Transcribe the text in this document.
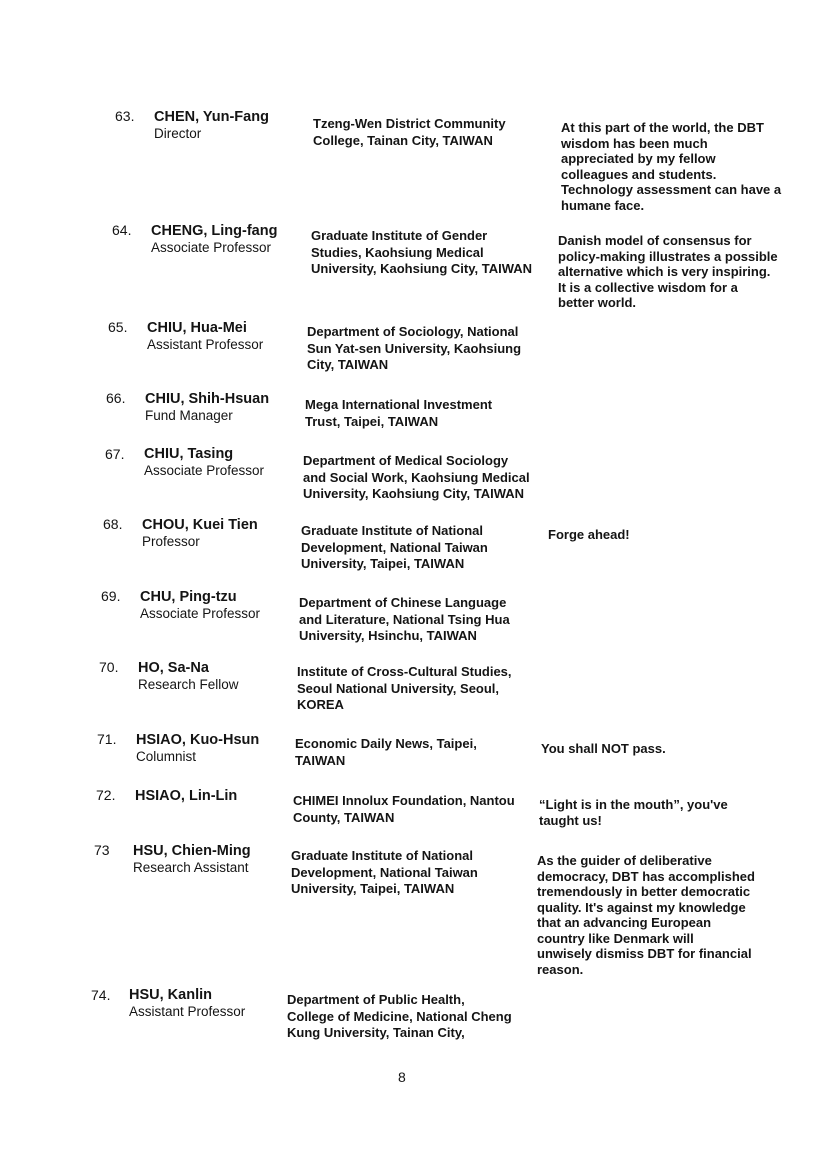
63. CHEN, Yun-Fang
Director
Tzeng-Wen District Community
College, Tainan City, TAIWAN
At this part of the world, the DBT
wisdom has been much
appreciated by my fellow
colleagues and students.
Technology assessment can have a
humane face.
64. CHENG, Ling-fang
Associate Professor
Graduate Institute of Gender
Studies, Kaohsiung Medical
University, Kaohsiung City, TAIWAN
Danish model of consensus for
policy-making illustrates a possible
alternative which is very inspiring.
It is a collective wisdom for a
better world.
65. CHIU, Hua-Mei
Assistant Professor
Department of Sociology, National
Sun Yat-sen University, Kaohsiung
City, TAIWAN
66. CHIU, Shih-Hsuan
Fund Manager
Mega International Investment
Trust, Taipei, TAIWAN
67. CHIU, Tasing
Associate Professor
Department of Medical Sociology
and Social Work, Kaohsiung Medical
University, Kaohsiung City, TAIWAN
68. CHOU, Kuei Tien
Professor
Graduate Institute of National
Development, National Taiwan
University, Taipei, TAIWAN
Forge ahead!
69. CHU, Ping-tzu
Associate Professor
Department of Chinese Language
and Literature, National Tsing Hua
University, Hsinchu, TAIWAN
70. HO, Sa-Na
Research Fellow
Institute of Cross-Cultural Studies,
Seoul National University, Seoul,
KOREA
71. HSIAO, Kuo-Hsun
Columnist
Economic Daily News, Taipei,
TAIWAN
You shall NOT pass.
72. HSIAO, Lin-Lin	CHIMEI Innolux Foundation, Nantou
County, TAIWAN
“Light is in the mouth”, you've
taught us!
73 HSU, Chien-Ming
Research Assistant
Graduate Institute of National
Development, National Taiwan
University, Taipei, TAIWAN
As the guider of deliberative
democracy, DBT has accomplished
tremendously in better democratic
quality. It's against my knowledge
that an advancing European
country like Denmark will
unwisely dismiss DBT for financial
reason.
74. HSU, Kanlin
Assistant Professor
Department of Public Health,
College of Medicine, National Cheng
Kung University, Tainan City,
8
